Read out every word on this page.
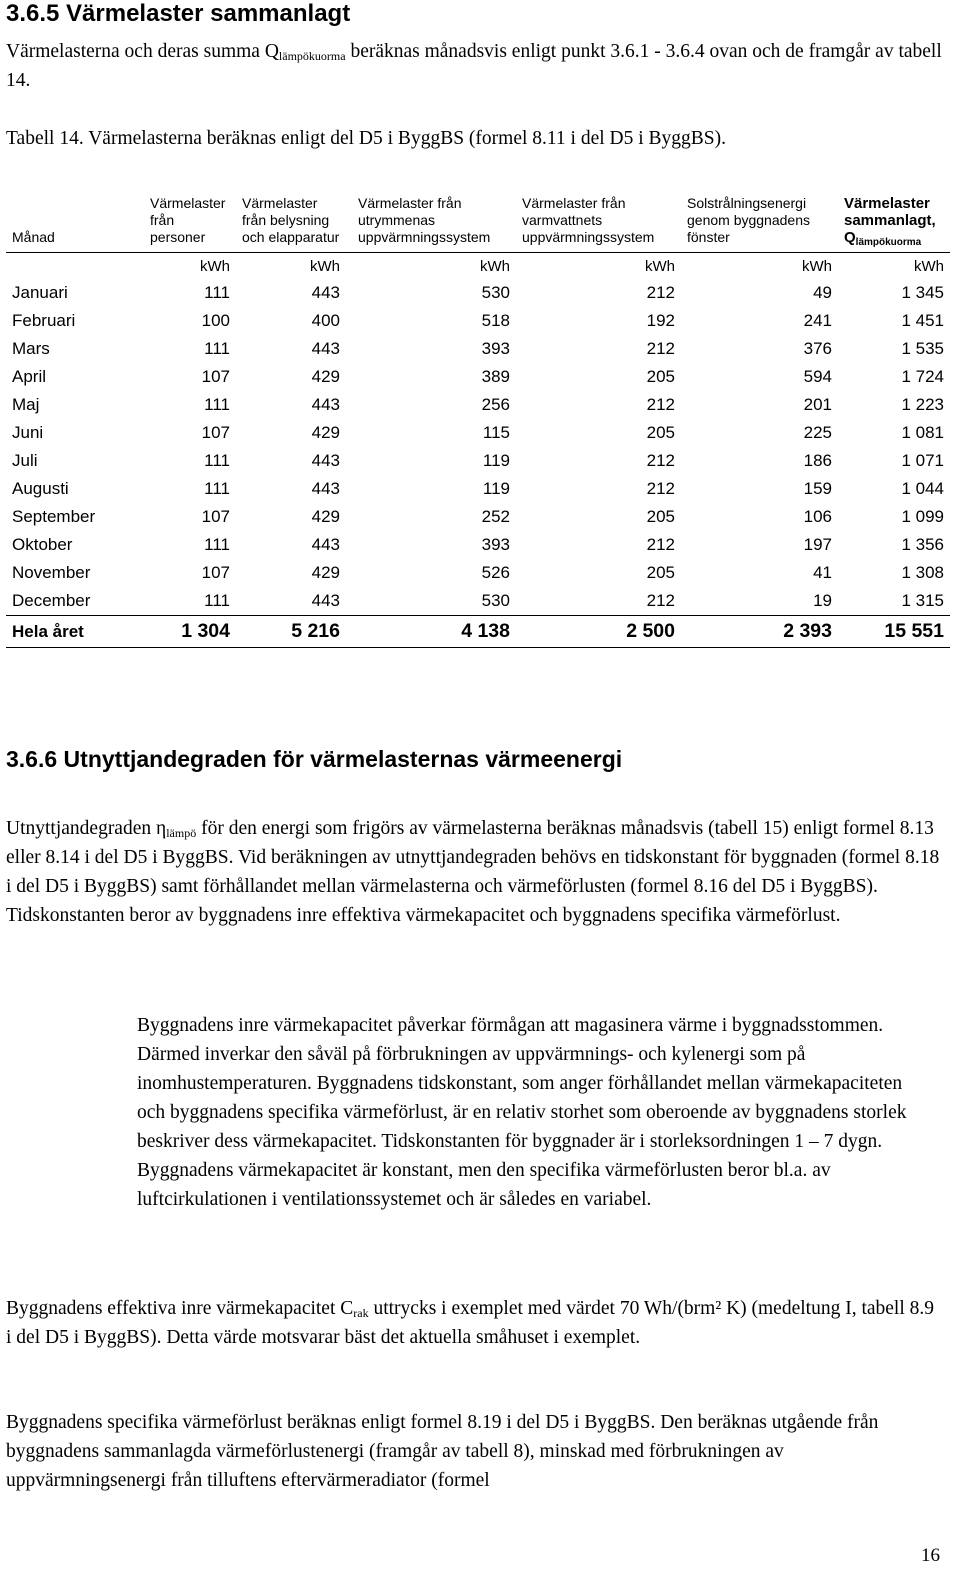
3.6.5 Värmelaster sammanlagt
Värmelasterna och deras summa $Q_{lämpökuorma}$ beräknas månadsvis enligt punkt 3.6.1 - 3.6.4 ovan och de framgår av tabell 14.
Tabell 14. Värmelasterna beräknas enligt del D5 i ByggBS (formel 8.11 i del D5 i ByggBS).
Månad	Värmelaster från personer	Värmelaster från belysning och elapparatur	Värmelaster från utrymmenas uppvärmningssystem	Värmelaster från varmvattnets uppvärmningssystem	Solstrålningsenergi genom byggnadens fönster	Värmelaster sammanlagt, $Q_{lämpökuorma}$
	kWh	kWh	kWh	kWh	kWh	kWh
Januari	111	443	530	212	49	1 345
Februari	100	400	518	192	241	1 451
Mars	111	443	393	212	376	1 535
April	107	429	389	205	594	1 724
Maj	111	443	256	212	201	1 223
Juni	107	429	115	205	225	1 081
Juli	111	443	119	212	186	1 071
Augusti	111	443	119	212	159	1 044
September	107	429	252	205	106	1 099
Oktober	111	443	393	212	197	1 356
November	107	429	526	205	41	1 308
December	111	443	530	212	19	1 315
Hela året	1 304	5 216	4 138	2 500	2 393	15 551
3.6.6 Utnyttjandegraden för värmelasternas värmeenergi
Utnyttjandegraden $\eta_{lämpö}$ för den energi som frigörs av värmelasterna beräknas månadsvis (tabell 15) enligt formel 8.13 eller 8.14 i del D5 i ByggBS. Vid beräkningen av utnyttjandegraden behövs en tidskonstant för byggnaden (formel 8.18 i del D5 i ByggBS) samt förhållandet mellan värmelasterna och värmeförlusten (formel 8.16 del D5 i ByggBS). Tidskonstanten beror av byggnadens inre effektiva värmekapacitet och byggnadens specifika värmeförlust.
Byggnadens inre värmekapacitet påverkar förmågan att magasinera värme i byggnadsstommen. Därmed inverkar den såväl på förbrukningen av uppvärmnings- och kylenergi som på inomhustemperaturen. Byggnadens tidskonstant, som anger förhållandet mellan värmekapaciteten och byggnadens specifika värmeförlust, är en relativ storhet som oberoende av byggnadens storlek beskriver dess värmekapacitet. Tidskonstanten för byggnader är i storleksordningen 1 – 7 dygn. Byggnadens värmekapacitet är konstant, men den specifika värmeförlusten beror bl.a. av luftcirkulationen i ventilationssystemet och är således en variabel.
Byggnadens effektiva inre värmekapacitet $C_{rak}$ uttrycks i exemplet med värdet 70 Wh/(brm² K) (medeltung I, tabell 8.9 i del D5 i ByggBS). Detta värde motsvarar bäst det aktuella småhuset i exemplet.
Byggnadens specifika värmeförlust beräknas enligt formel 8.19 i del D5 i ByggBS. Den beräknas utgående från byggnadens sammanlagda värmeförlustenergi (framgår av tabell 8), minskad med förbrukningen av uppvärmningsenergi från tilluftens eftervärmeradiator (formel
16
